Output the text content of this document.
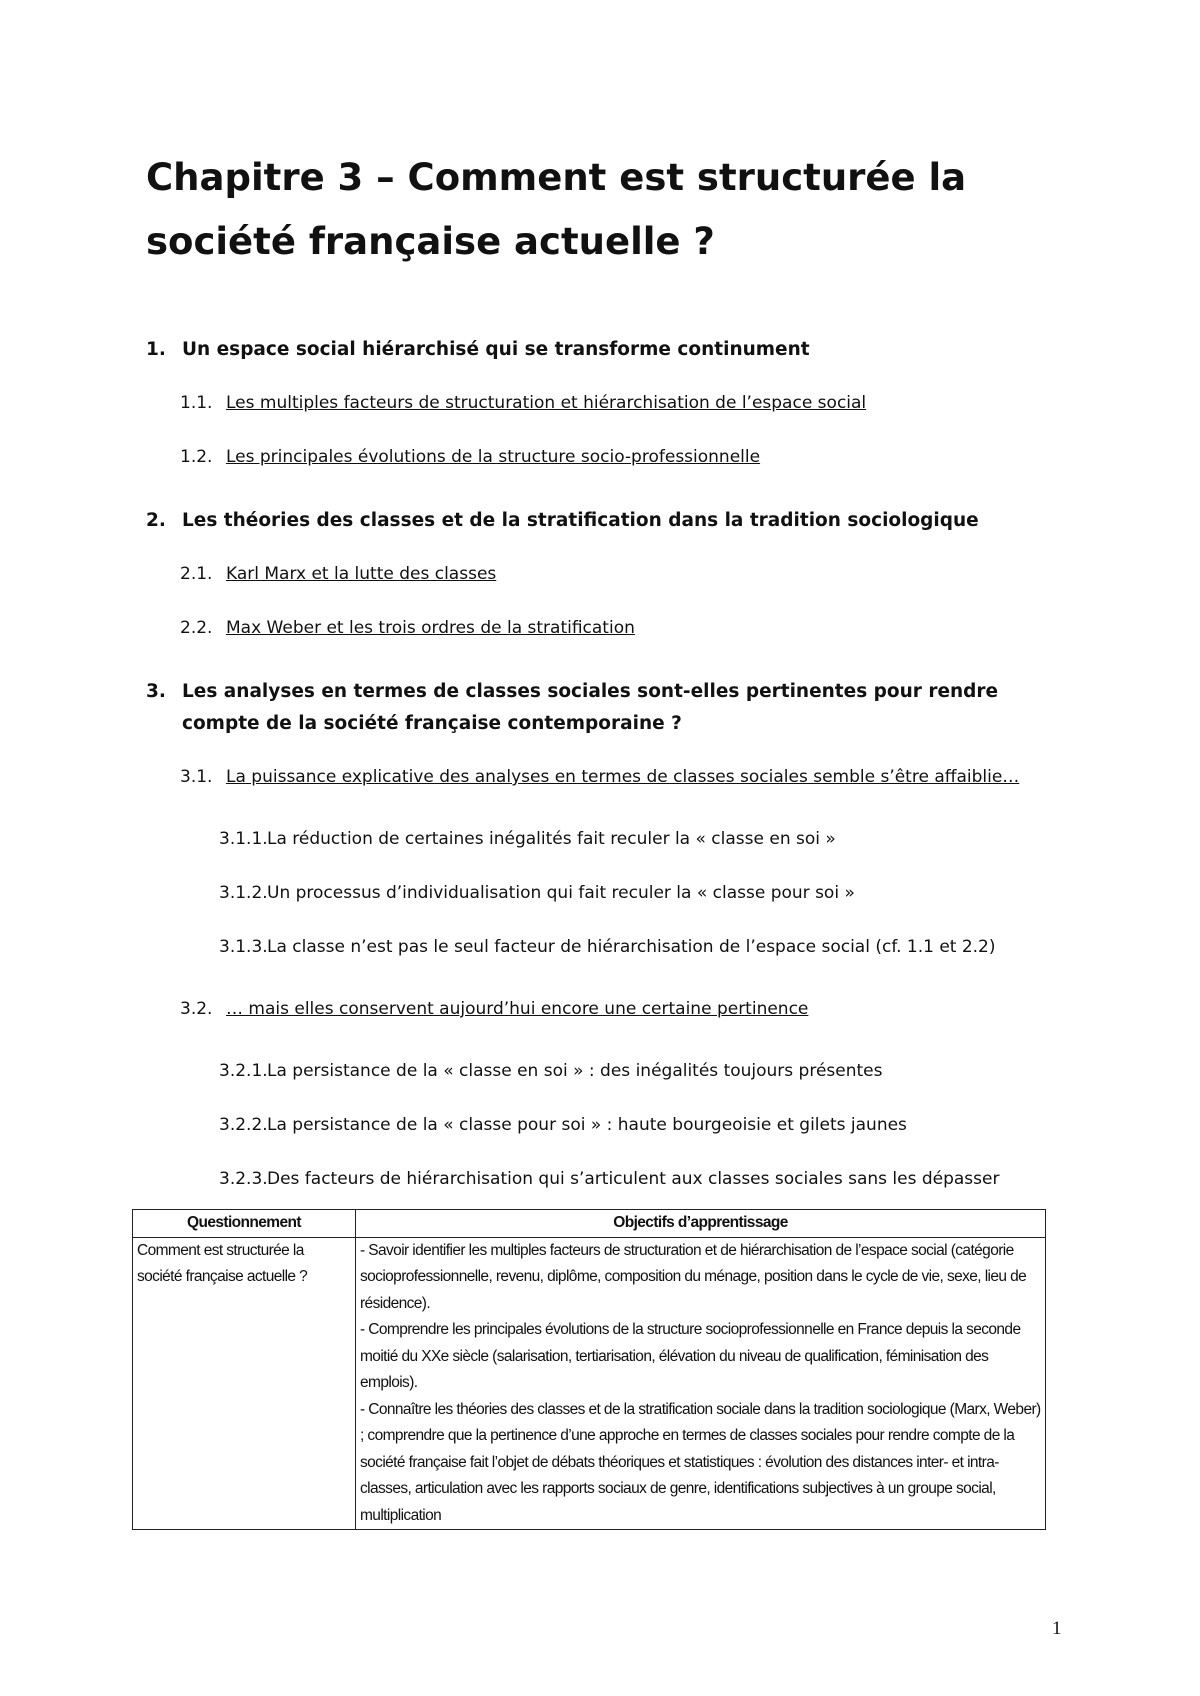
Chapitre 3 – Comment est structurée la société française actuelle ?
1. Un espace social hiérarchisé qui se transforme continument
1.1. Les multiples facteurs de structuration et hiérarchisation de l’espace social
1.2. Les principales évolutions de la structure socio-professionnelle
2. Les théories des classes et de la stratification dans la tradition sociologique
2.1. Karl Marx et la lutte des classes
2.2. Max Weber et les trois ordres de la stratification
3. Les analyses en termes de classes sociales sont-elles pertinentes pour rendre compte de la société française contemporaine ?
3.1. La puissance explicative des analyses en termes de classes sociales semble s’être affaiblie…
3.1.1.La réduction de certaines inégalités fait reculer la « classe en soi »
3.1.2.Un processus d’individualisation qui fait reculer la « classe pour soi »
3.1.3.La classe n’est pas le seul facteur de hiérarchisation de l’espace social (cf. 1.1 et 2.2)
3.2. … mais elles conservent aujourd’hui encore une certaine pertinence
3.2.1.La persistance de la « classe en soi » : des inégalités toujours présentes
3.2.2.La persistance de la « classe pour soi » : haute bourgeoisie et gilets jaunes
3.2.3.Des facteurs de hiérarchisation qui s’articulent aux classes sociales sans les dépasser
Questionnement	Objectifs d’apprentissage
Comment est structurée la société française actuelle ?	- Savoir identifier les multiples facteurs de structuration et de hiérarchisation de l’espace social (catégorie socioprofessionnelle, revenu, diplôme, composition du ménage, position dans le cycle de vie, sexe, lieu de résidence).
- Comprendre les principales évolutions de la structure socioprofessionnelle en France depuis la seconde moitié du XXe siècle (salarisation, tertiarisation, élévation du niveau de qualification, féminisation des emplois).
- Connaître les théories des classes et de la stratification sociale dans la tradition sociologique (Marx, Weber) ; comprendre que la pertinence d’une approche en termes de classes sociales pour rendre compte de la société française fait l’objet de débats théoriques et statistiques : évolution des distances inter- et intra-classes, articulation avec les rapports sociaux de genre, identifications subjectives à un groupe social, multiplication
1
